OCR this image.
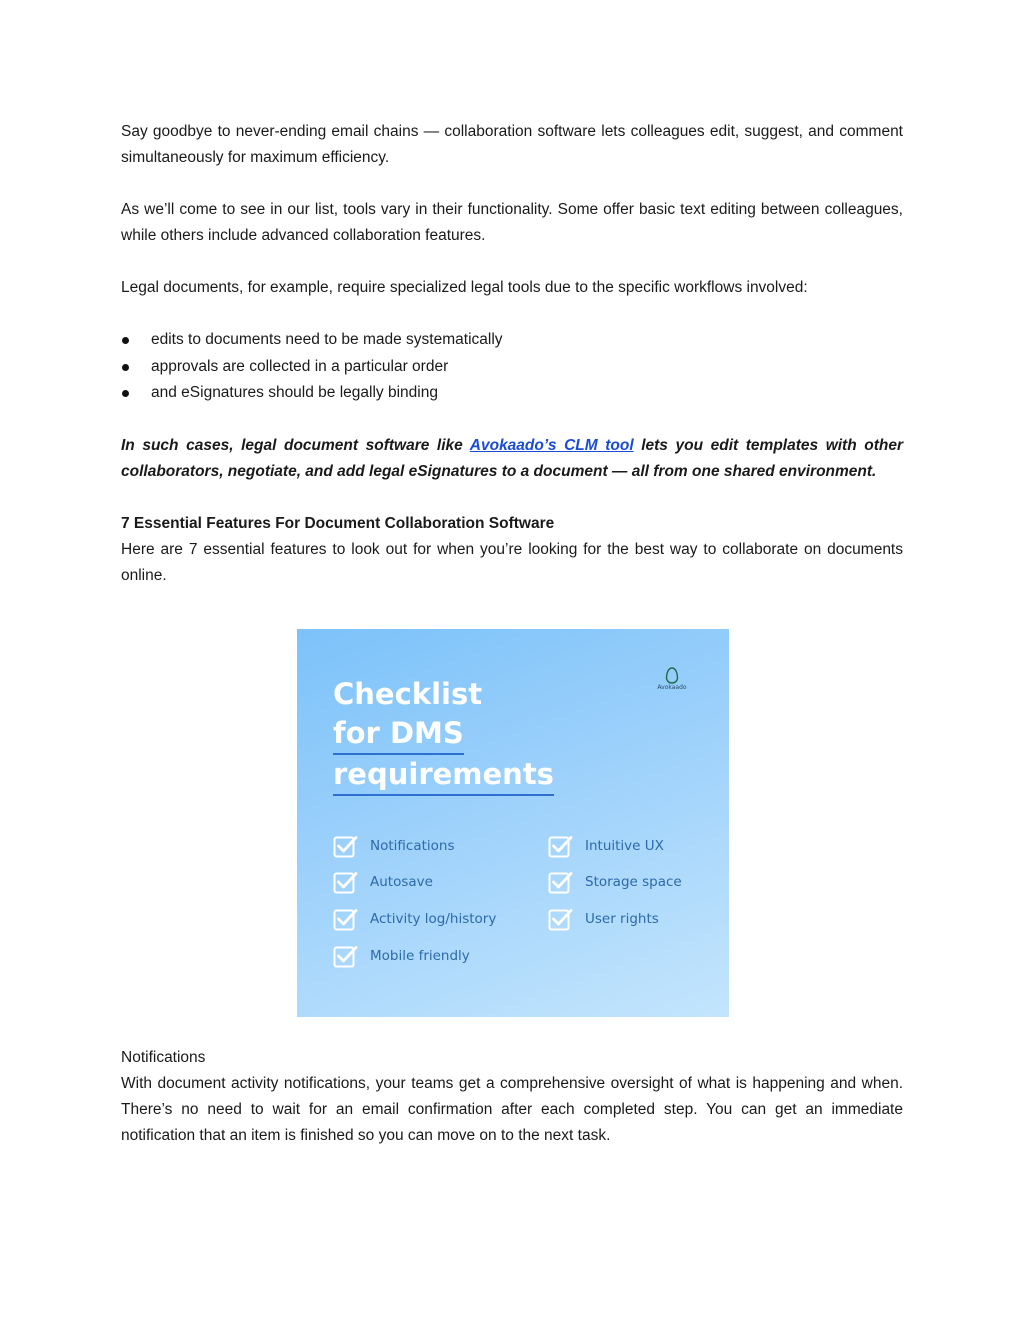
Say goodbye to never-ending email chains — collaboration software lets colleagues edit, suggest, and comment simultaneously for maximum efficiency.

As we’ll come to see in our list, tools vary in their functionality. Some offer basic text editing between colleagues, while others include advanced collaboration features.

Legal documents, for example, require specialized legal tools due to the specific workflows involved:

edits to documents need to be made systematically
approvals are collected in a particular order
and eSignatures should be legally binding

In such cases, legal document software like Avokaado’s CLM tool lets you edit templates with other collaborators, negotiate, and add legal eSignatures to a document — all from one shared environment.

7 Essential Features For Document Collaboration Software

Here are 7 essential features to look out for when you’re looking for the best way to collaborate on documents online.

Checklist
for DMS
requirements
Avokaado
Notifications
Autosave
Activity log/history
Mobile friendly
Intuitive UX
Storage space
User rights

Notifications

With document activity notifications, your teams get a comprehensive oversight of what is happening and when. There’s no need to wait for an email confirmation after each completed step. You can get an immediate notification that an item is finished so you can move on to the next task.
